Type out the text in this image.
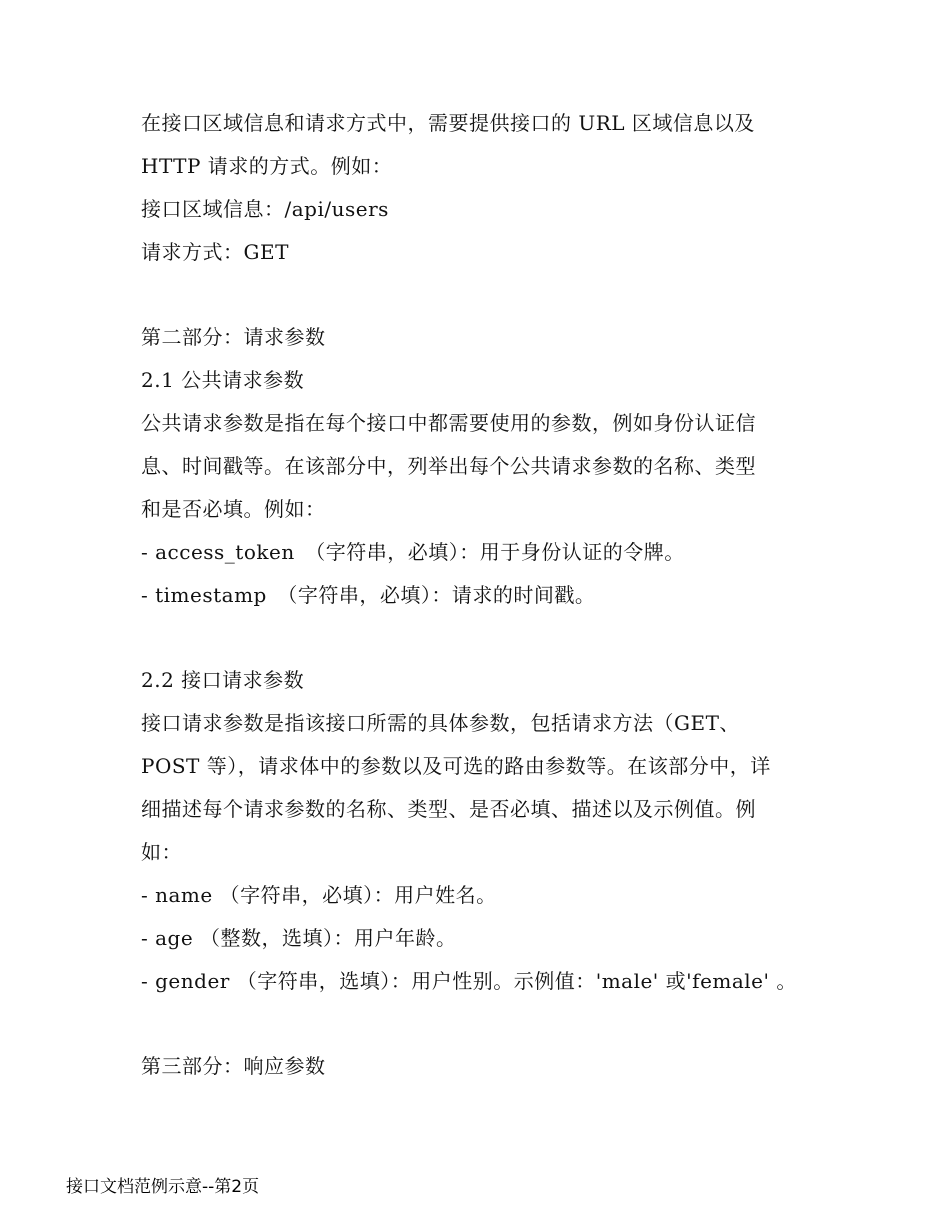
在接口区域信息和请求方式中，需要提供接口的 URL 区域信息以及
HTTP 请求的方式。例如：
接口区域信息：/api/users
请求方式：GET
第二部分：请求参数
2.1 公共请求参数
公共请求参数是指在每个接口中都需要使用的参数，例如身份认证信
息、时间戳等。在该部分中，列举出每个公共请求参数的名称、类型
和是否必填。例如：
- access_token　（字符串，必填）：用于身份认证的令牌。
- timestamp　（字符串，必填）：请求的时间戳。
2.2 接口请求参数
接口请求参数是指该接口所需的具体参数，包括请求方法（GET、
POST 等），请求体中的参数以及可选的路由参数等。在该部分中，详
细描述每个请求参数的名称、类型、是否必填、描述以及示例值。例
如：
- name （字符串，必填）：用户姓名。
- age （整数，选填）：用户年龄。
- gender （字符串，选填）：用户性别。示例值：'male' 或'female' 。
第三部分：响应参数
接口文档范例示意--第2页
